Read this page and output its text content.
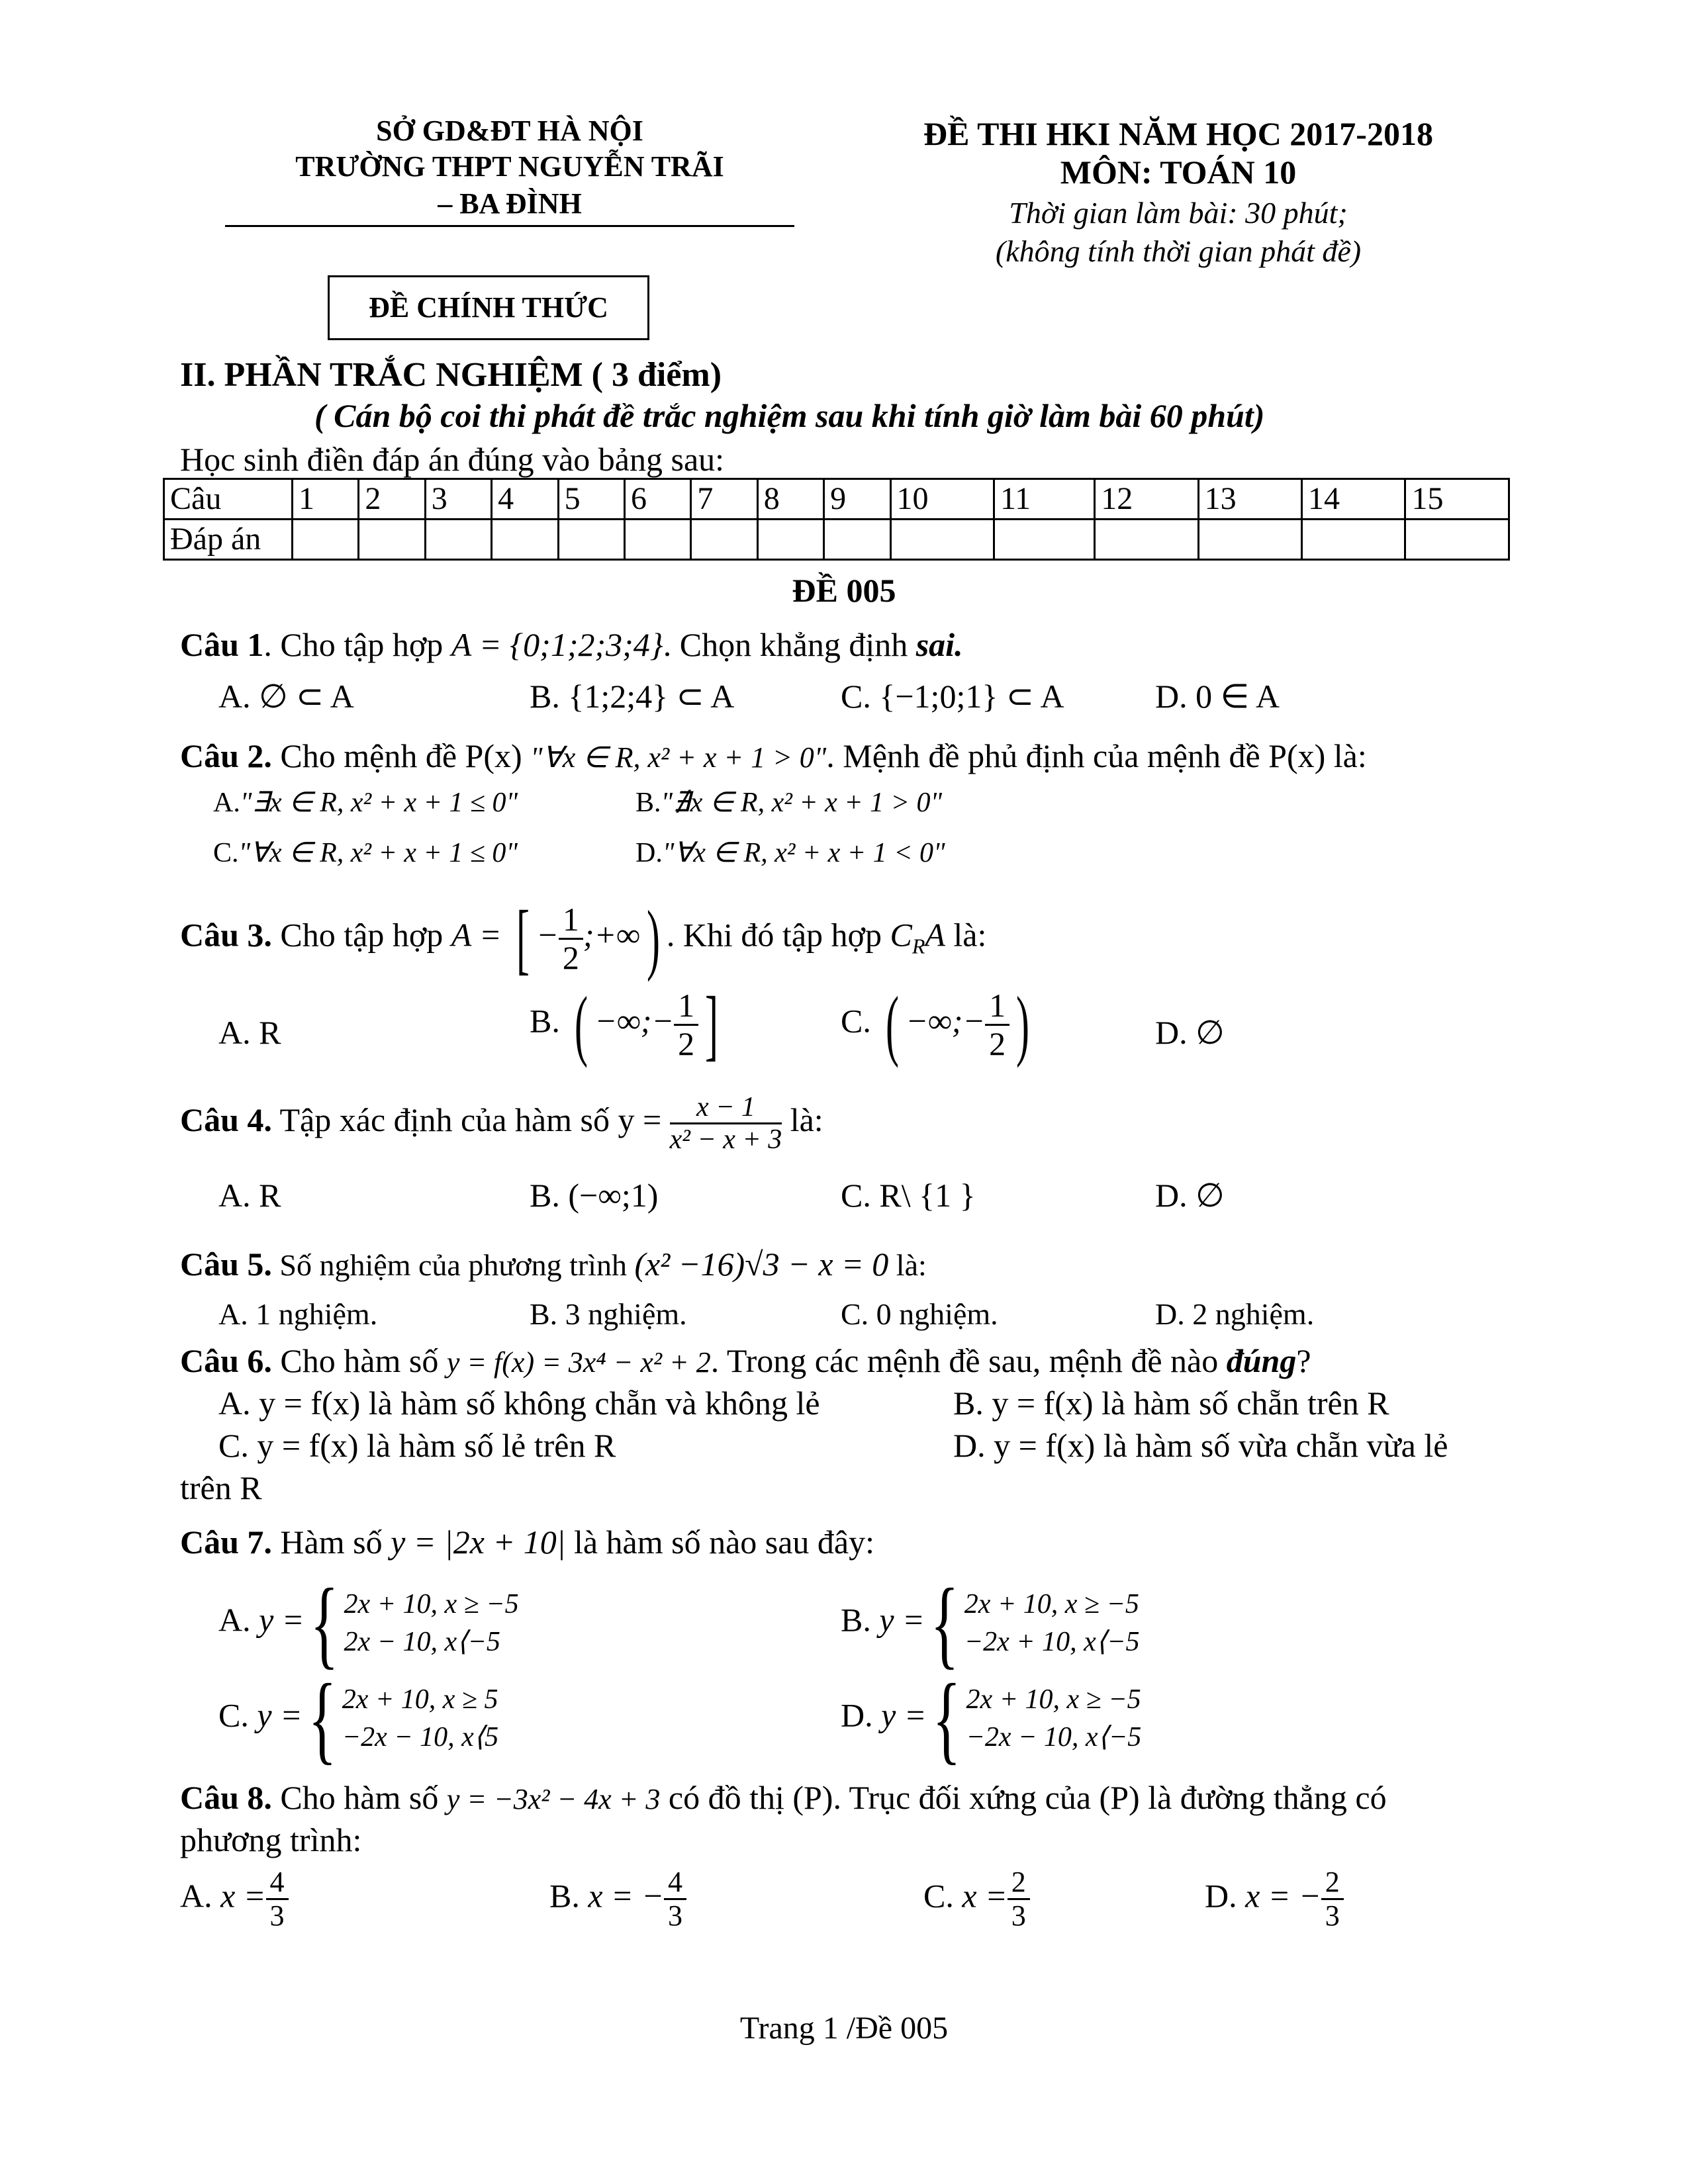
SỞ GD&ĐT HÀ NỘI
TRƯỜNG THPT NGUYỄN TRÃI
– BA ĐÌNH
ĐỀ THI HKI NĂM HỌC 2017-2018
MÔN: TOÁN 10
Thời gian làm bài: 30 phút;
(không tính thời gian phát đề)
ĐỀ CHÍNH THỨC
II. PHẦN TRẮC NGHIỆM ( 3 điểm)
( Cán bộ coi thi phát đề trắc nghiệm sau khi tính giờ làm bài 60 phút)
Học sinh điền đáp án đúng vào bảng sau:
Câu	1	2	3	4	5	6	7	8	9	10	11	12	13	14	15
Đáp án															
ĐỀ 005
Câu 1. Cho tập hợp A = {0;1;2;3;4}. Chọn khẳng định sai.
A. ∅ ⊂ A	B. {1;2;4} ⊂ A	C. {−1;0;1} ⊂ A	D. 0 ∈ A
Câu 2. Cho mệnh đề P(x) "∀x ∈ R, x² + x + 1 > 0". Mệnh đề phủ định của mệnh đề P(x) là:
A."∃x ∈ R, x² + x + 1 ≤ 0"	B."∄x ∈ R, x² + x + 1 > 0"
C."∀x ∈ R, x² + x + 1 ≤ 0"	D."∀x ∈ R, x² + x + 1 < 0"
Câu 3. Cho tập hợp A = [ − $\frac{1}{2}$ ;+∞) . Khi đó tập hợp $C_RA$ là:
A. R	B. ( −∞;− $\frac{1}{2}$ ]	C. ( −∞;− $\frac{1}{2}$ )	D. ∅
Câu 4. Tập xác định của hàm số $y = \frac{x - 1}{\text{x² − x + 3}}$ là:
A. R	B. (−∞;1)	C. R\ {1 }	D. ∅
Câu 5. Số nghiệm của phương trình (x² −16)√3 − x = 0 là:
A. 1 nghiệm.	B. 3 nghiệm.	C. 0 nghiệm.	D. 2 nghiệm.
Câu 6. Cho hàm số y = f(x) = 3x⁴ − x² + 2. Trong các mệnh đề sau, mệnh đề nào đúng?
A. y = f(x) là hàm số không chẵn và không lẻ	B. y = f(x) là hàm số chẵn trên R
C. y = f(x) là hàm số lẻ trên R	D. y = f(x) là hàm số vừa chẵn vừa lẻ
trên R
Câu 7. Hàm số y = |2x + 10| là hàm số nào sau đây:
A. y ={ 2x + 10, x ≥ −5
2x − 10, x⟨−5
B. y ={ 2x + 10, x ≥ −5
−2x + 10, x⟨−5
C. y ={ 2x + 10, x ≥ 5
−2x − 10, x⟨5
D. y ={ 2x + 10, x ≥ −5
−2x − 10, x⟨−5
Câu 8. Cho hàm số y = −3x² − 4x + 3 có đồ thị (P). Trục đối xứng của (P) là đường thẳng có
phương trình:
A. $x = \frac{4}{3}$	B. x = − $\frac{4}{3}$	C. $x = \frac{2}{3}$	D. x = − $\frac{2}{3}$
Trang 1 /Đề 005
